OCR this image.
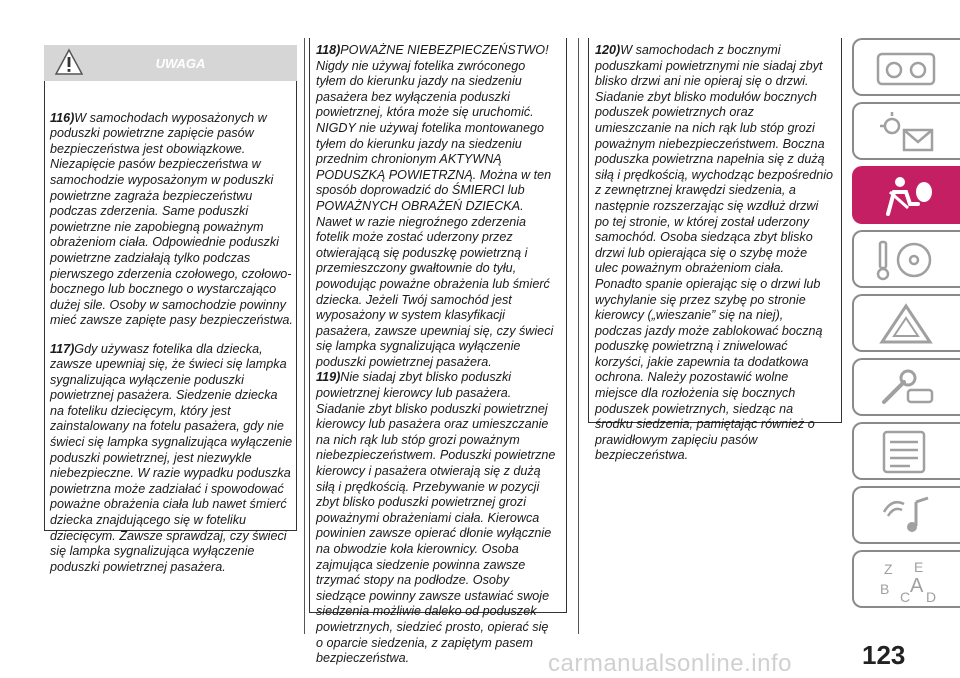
UWAGA

116)W samochodach wyposażonych w poduszki powietrzne zapięcie pasów bezpieczeństwa jest obowiązkowe. Niezapięcie pasów bezpieczeństwa w samochodzie wyposażonym w poduszki powietrzne zagraża bezpieczeństwu podczas zderzenia. Same poduszki powietrzne nie zapobiegną poważnym obrażeniom ciała. Odpowiednie poduszki powietrzne zadziałają tylko podczas pierwszego zderzenia czołowego, czołowo-bocznego lub bocznego o wystarczająco dużej sile. Osoby w samochodzie powinny mieć zawsze zapięte pasy bezpieczeństwa.

117)Gdy używasz fotelika dla dziecka, zawsze upewniaj się, że świeci się lampka sygnalizująca wyłączenie poduszki powietrznej pasażera. Siedzenie dziecka na foteliku dziecięcym, który jest zainstalowany na fotelu pasażera, gdy nie świeci się lampka sygnalizująca wyłączenie poduszki powietrznej, jest niezwykle niebezpieczne. W razie wypadku poduszka powietrzna może zadziałać i spowodować poważne obrażenia ciała lub nawet śmierć dziecka znajdującego się w foteliku dziecięcym. Zawsze sprawdzaj, czy świeci się lampka sygnalizująca wyłączenie poduszki powietrznej pasażera.

118)POWAŻNE NIEBEZPIECZEŃSTWO! Nigdy nie używaj fotelika zwróconego tyłem do kierunku jazdy na siedzeniu pasażera bez wyłączenia poduszki powietrznej, która może się uruchomić. NIGDY nie używaj fotelika montowanego tyłem do kierunku jazdy na siedzeniu przednim chronionym AKTYWNĄ PODUSZKĄ POWIETRZNĄ. Można w ten sposób doprowadzić do ŚMIERCI lub POWAŻNYCH OBRAŻEŃ DZIECKA. Nawet w razie niegroźnego zderzenia fotelik może zostać uderzony przez otwierającą się poduszkę powietrzną i przemieszczony gwałtownie do tyłu, powodując poważne obrażenia lub śmierć dziecka. Jeżeli Twój samochód jest wyposażony w system klasyfikacji pasażera, zawsze upewniaj się, czy świeci się lampka sygnalizująca wyłączenie poduszki powietrznej pasażera.

119)Nie siadaj zbyt blisko poduszki powietrznej kierowcy lub pasażera. Siadanie zbyt blisko poduszki powietrznej kierowcy lub pasażera oraz umieszczanie na nich rąk lub stóp grozi poważnym niebezpieczeństwem. Poduszki powietrzne kierowcy i pasażera otwierają się z dużą siłą i prędkością. Przebywanie w pozycji zbyt blisko poduszki powietrznej grozi poważnymi obrażeniami ciała. Kierowca powinien zawsze opierać dłonie wyłącznie na obwodzie koła kierownicy. Osoba zajmująca siedzenie powinna zawsze trzymać stopy na podłodze. Osoby siedzące powinny zawsze ustawiać swoje siedzenia możliwie daleko od poduszek powietrznych, siedzieć prosto, opierać się o oparcie siedzenia, z zapiętym pasem bezpieczeństwa.

120)W samochodach z bocznymi poduszkami powietrznymi nie siadaj zbyt blisko drzwi ani nie opieraj się o drzwi. Siadanie zbyt blisko modułów bocznych poduszek powietrznych oraz umieszczanie na nich rąk lub stóp grozi poważnym niebezpieczeństwem. Boczna poduszka powietrzna napełnia się z dużą siłą i prędkością, wychodząc bezpośrednio z zewnętrznej krawędzi siedzenia, a następnie rozszerzając się wzdłuż drzwi po tej stronie, w której został uderzony samochód. Osoba siedząca zbyt blisko drzwi lub opierająca się o szybę może ulec poważnym obrażeniom ciała. Ponadto spanie opierając się o drzwi lub wychylanie się przez szybę po stronie kierowcy („wieszanie” się na niej), podczas jazdy może zablokować boczną poduszkę powietrzną i zniwelować korzyści, jakie zapewnia ta dodatkowa ochrona. Należy pozostawić wolne miejsce dla rozłożenia się bocznych poduszek powietrznych, siedząc na środku siedzenia, pamiętając również o prawidłowym zapięciu pasów bezpieczeństwa.

Z E
B C A D
carmanualsonline.info	123
